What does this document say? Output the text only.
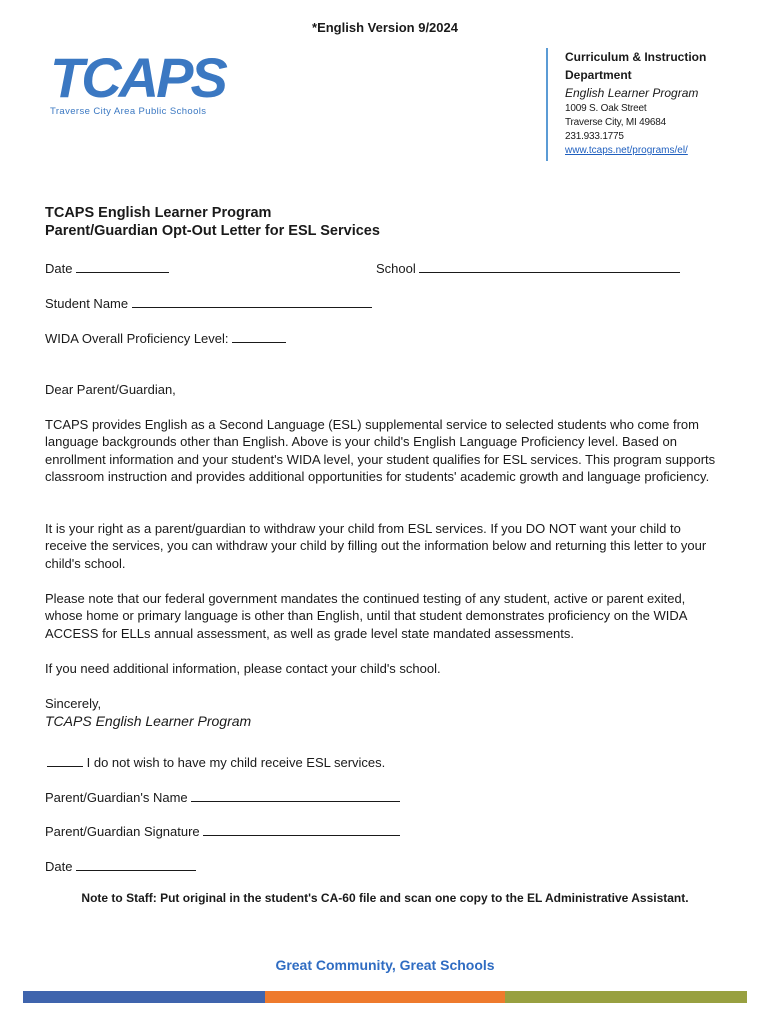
*English Version 9/2024
TCAPS
Traverse City Area Public Schools
Curriculum & Instruction
Department
English Learner Program
1009 S. Oak Street
Traverse City, MI 49684
231.933.1775
www.tcaps.net/programs/el/
TCAPS English Learner Program
Parent/Guardian Opt-Out Letter for ESL Services
Date	School
Student Name
WIDA Overall Proficiency Level:
Dear Parent/Guardian,
TCAPS provides English as a Second Language (ESL) supplemental service to selected students who come from language backgrounds other than English. Above is your child's English Language Proficiency level. Based on enrollment information and your student's WIDA level, your student qualifies for ESL services. This program supports classroom instruction and provides additional opportunities for students' academic growth and language proficiency.
It is your right as a parent/guardian to withdraw your child from ESL services. If you DO NOT want your child to receive the services, you can withdraw your child by filling out the information below and returning this letter to your child's school.
Please note that our federal government mandates the continued testing of any student, active or parent exited, whose home or primary language is other than English, until that student demonstrates proficiency on the WIDA ACCESS for ELLs annual assessment, as well as grade level state mandated assessments.
If you need additional information, please contact your child's school.
Sincerely,
TCAPS English Learner Program
I do not wish to have my child receive ESL services.
Parent/Guardian's Name
Parent/Guardian Signature
Date
Note to Staff: Put original in the student's CA-60 file and scan one copy to the EL Administrative Assistant.
Great Community, Great Schools
